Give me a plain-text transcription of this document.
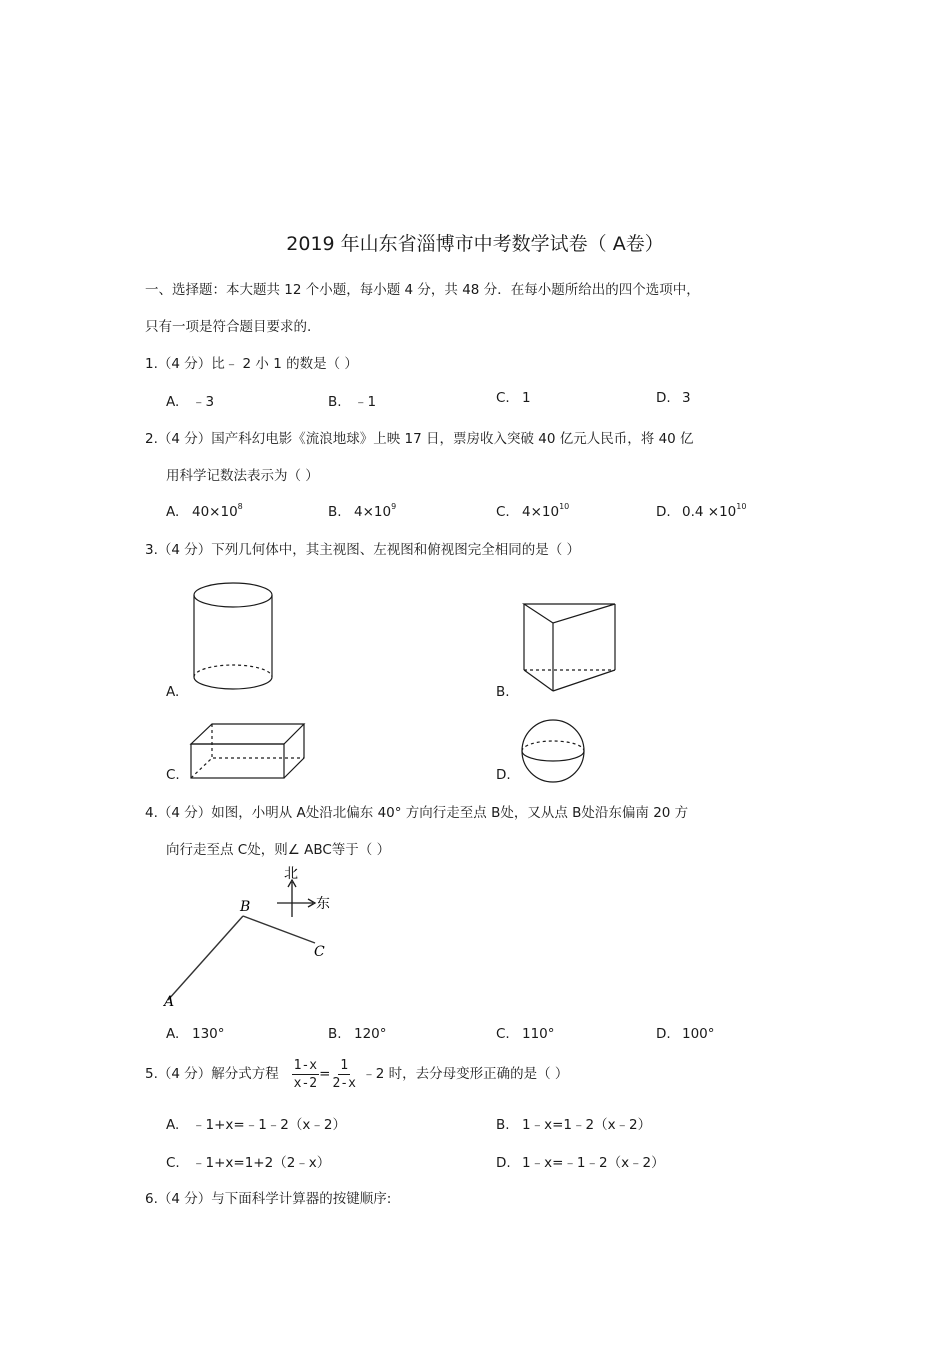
2019 年山东省淄博市中考数学试卷（ A卷）
一、选择题：本大题共 12 个小题，每小题 4 分，共 48 分．在每小题所给出的四个选项中，
只有一项是符合题目要求的.
1.（4 分）比﹣ 2 小 1 的数是（ ）
A. ﹣3	B. ﹣1	C. 1	D. 3
2.（4 分）国产科幻电影《流浪地球》上映 17 日，票房收入突破 40 亿元人民币，将 40 亿
用科学记数法表示为（ ）
A. $40\times 10^8$	B. $4\times 10^9$	C. $4\times 10^{10}$	D. $0.4 \times 10^{10}$
3.（4 分）下列几何体中，其主视图、左视图和俯视图完全相同的是（ ）
A.	B.
C.	D.
4.（4 分）如图，小明从 A处沿北偏东 40° 方向行走至点 B处，又从点 B处沿东偏南 20 方
向行走至点 C处，则∠ ABC等于（ ）
北
东
A
B
C
A. 130°	B. 120°	C. 110°	D. 100°
5.（4 分）解分式方程 $\frac{1-x}{x-2} = \frac{1}{2-x}$ ﹣2 时，去分母变形正确的是（ ）
A. ﹣1+x=﹣1﹣2（x﹣2）	B. 1﹣x=1﹣2（x﹣2）
C. ﹣1+x=1+2（2﹣x）	D. 1﹣x=﹣1﹣2（x﹣2）
6.（4 分）与下面科学计算器的按键顺序:
